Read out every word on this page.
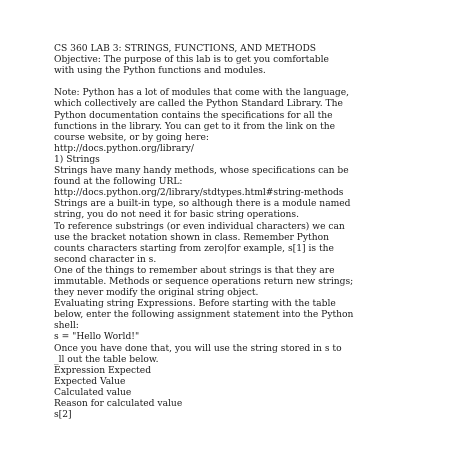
CS 360 LAB 3: STRINGS, FUNCTIONS, AND METHODS
Objective: The purpose of this lab is to get you comfortable
with using the Python functions and modules.
Note: Python has a lot of modules that come with the language,
which collectively are called the Python Standard Library. The
Python documentation contains the specifications for all the
functions in the library. You can get to it from the link on the
course website, or by going here:
http://docs.python.org/library/
1) Strings
Strings have many handy methods, whose specifications can be
found at the following URL:
http://docs.python.org/2/library/stdtypes.html#string-methods
Strings are a built-in type, so although there is a module named
string, you do not need it for basic string operations.
To reference substrings (or even individual characters) we can
use the bracket notation shown in class. Remember Python
counts characters starting from zero|for example, s[1] is the
second character in s.
One of the things to remember about strings is that they are
immutable. Methods or sequence operations return new strings;
they never modify the original string object.
Evaluating string Expressions. Before starting with the table
below, enter the following assignment statement into the Python
shell:
s = "Hello World!"
Once you have done that, you will use the string stored in s to
_ll out the table below.
Expression Expected
Expected Value
Calculated value
Reason for calculated value
s[2]
